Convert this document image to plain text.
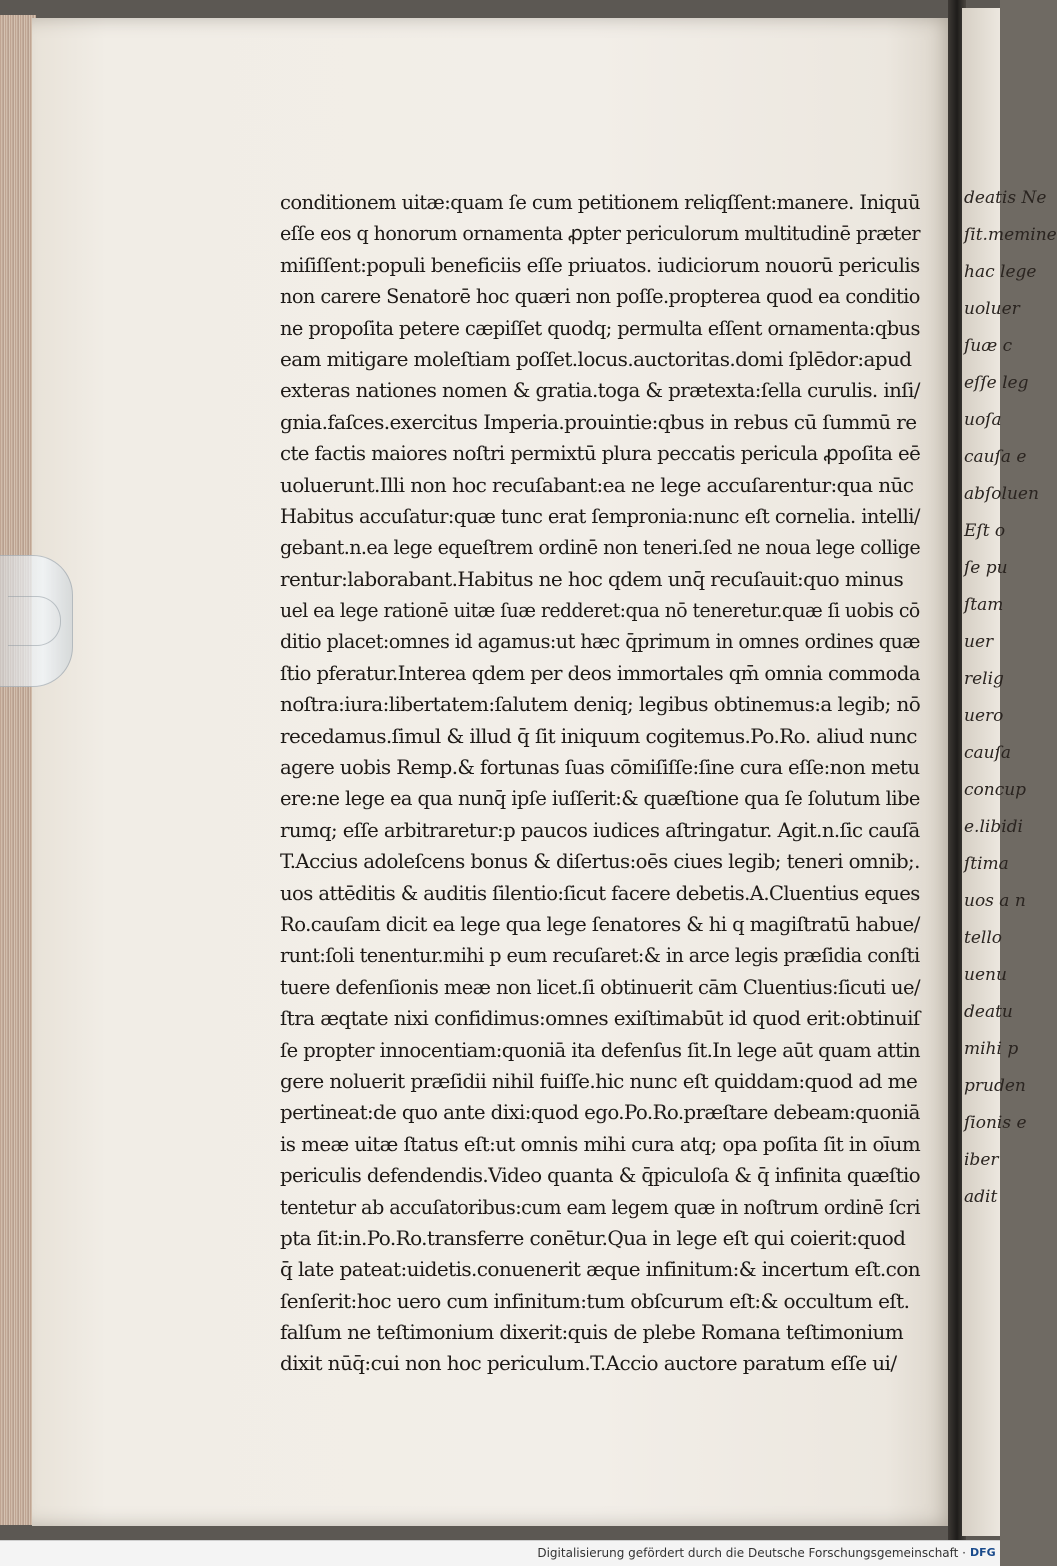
deatis Ne
ſit.memine
hac lege
uoluer
ſuæ c
eſſe leg
uoſa
cauſa e
abſoluen
Eſt o
ſe pu
ſtam
uer
relig
uero
cauſa
concup
e.libidi
ſtima
uos a n
tello
uenu
deatu
mihi p
pruden
ſionis e
iber
adit
conditionem uitæ:quam ſe cum petitionem reliqſſent:manere. Iniquū
eſſe eos q honorum ornamenta ꝓpter periculorum multitudinē præter
miſiſſent:populi beneficiis eſſe priuatos. iudiciorum nouorū periculis
non carere Senatorē hoc quæri non poſſe.propterea quod ea conditio
ne propoſita petere cæpiſſet quodq; permulta eſſent ornamenta:qbus
eam mitigare moleſtiam poſſet.locus.auctoritas.domi ſplēdor:apud
exteras nationes nomen & gratia.toga & prætexta:ſella curulis. inſi/
gnia.faſces.exercitus Imperia.prouintie:qbus in rebus cū ſummū re
cte factis maiores noſtri permixtū plura peccatis pericula ꝓpoſita eē
uoluerunt.Illi non hoc recuſabant:ea ne lege accuſarentur:qua nūc
Habitus accuſatur:quæ tunc erat ſempronia:nunc eſt cornelia. intelli/
gebant.n.ea lege equeſtrem ordinē non teneri.ſed ne noua lege collige
rentur:laborabant.Habitus ne hoc qdem unq̄ recuſauit:quo minus
uel ea lege rationē uitæ ſuæ redderet:qua nō teneretur.quæ ſi uobis cō
ditio placet:omnes id agamus:ut hæc q̄primum in omnes ordines quæ
ſtio pferatur.Interea qdem per deos immortales qm̄ omnia commoda
noſtra:iura:libertatem:ſalutem deniq; legibus obtinemus:a legib; nō
recedamus.ſimul & illud q̄ ſit iniquum cogitemus.Po.Ro. aliud nunc
agere uobis Remp.& fortunas ſuas cōmiſiſſe:ſine cura eſſe:non metu
ere:ne lege ea qua nunq̄ ipſe iuſſerit:& quæſtione qua ſe ſolutum libe
rumq; eſſe arbitraretur:p paucos iudices aſtringatur. Agit.n.ſic cauſā
T.Accius adoleſcens bonus & diſertus:oēs ciues legib; teneri omnib;.
uos attēditis & auditis ſilentio:ſicut facere debetis.A.Cluentius eques
Ro.cauſam dicit ea lege qua lege ſenatores & hi q magiſtratū habue/
runt:ſoli tenentur.mihi p eum recuſaret:& in arce legis præſidia conſti
tuere defenſionis meæ non licet.ſi obtinuerit cām Cluentius:ſicuti ue/
ſtra æqtate nixi confidimus:omnes exiſtimabūt id quod erit:obtinuiſ
ſe propter innocentiam:quoniā ita defenſus ſit.In lege aūt quam attin
gere noluerit præſidii nihil fuiſſe.hic nunc eſt quiddam:quod ad me
pertineat:de quo ante dixi:quod ego.Po.Ro.præſtare debeam:quoniā
is meæ uitæ ſtatus eſt:ut omnis mihi cura atq; opa poſita ſit in oīum
periculis defendendis.Video quanta & q̄piculoſa & q̄ infinita quæſtio
tentetur ab accuſatoribus:cum eam legem quæ in noſtrum ordinē ſcri
pta ſit:in.Po.Ro.transferre conētur.Qua in lege eſt qui coierit:quod
q̄ late pateat:uidetis.conuenerit æque infinitum:& incertum eſt.con
ſenſerit:hoc uero cum infinitum:tum obſcurum eſt:& occultum eſt.
falſum ne teſtimonium dixerit:quis de plebe Romana teſtimonium
dixit nūq̄:cui non hoc periculum.T.Accio auctore paratum eſſe ui/
Digitalisierung gefördert durch die Deutsche Forschungsgemeinschaft · DFG
